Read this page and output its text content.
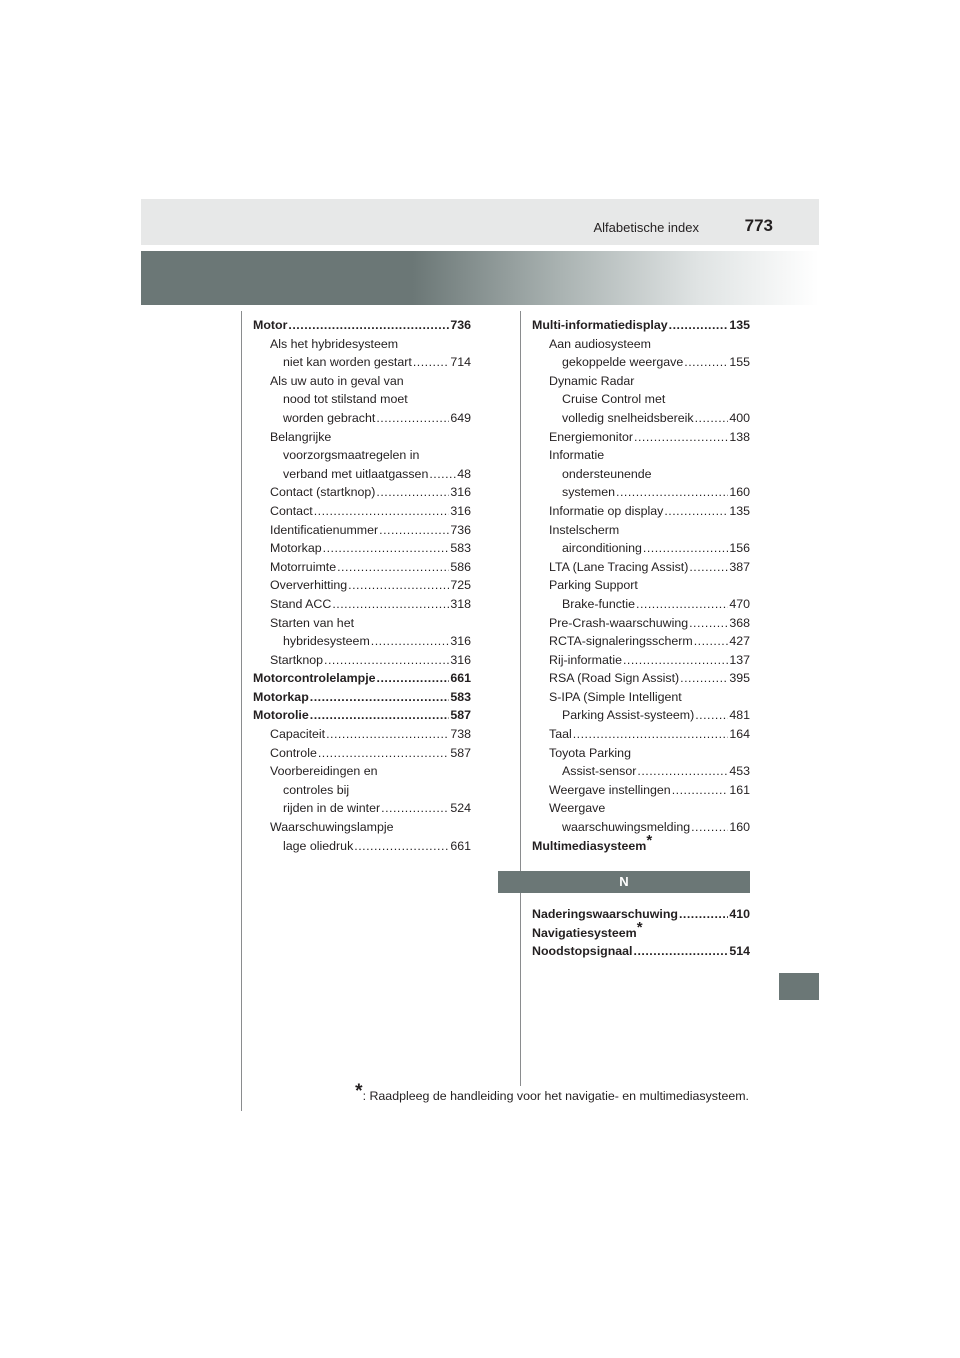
Alfabetische index	773
Motor .....	736
Als het hybridesysteem
niet kan worden gestart .....	714
Als uw auto in geval van
nood tot stilstand moet
worden gebracht .....	649
Belangrijke
voorzorgsmaatregelen in
verband met uitlaatgassen ..... 48
Contact (startknop) .....	316
Contact .....	316
Identificatienummer .....	736
Motorkap .....	583
Motorruimte .....	586
Oververhitting .....	725
Stand ACC .....	318
Starten van het
hybridesysteem .....	316
Startknop .....	316
Motorcontrolelampje .....	661
Motorkap .....	583
Motorolie .....	587
Capaciteit .....	738
Controle .....	587
Voorbereidingen en
controles bij
rijden in de winter .....	524
Waarschuwingslampje
lage oliedruk .....	661
Multi-informatiedisplay .....	135
Aan audiosysteem
gekoppelde weergave .....	155
Dynamic Radar
Cruise Control met
volledig snelheidsbereik .....	400
Energiemonitor .....	138
Informatie
ondersteunende
systemen .....	160
Informatie op display .....	135
Instelscherm
airconditioning .....	156
LTA (Lane Tracing Assist) .....	387
Parking Support
Brake-functie .....	470
Pre-Crash-waarschuwing .....	368
RCTA-signaleringsscherm .....	427
Rij-informatie .....	137
RSA (Road Sign Assist) .....	395
S-IPA (Simple Intelligent
Parking Assist-systeem) .....	481
Taal .....	164
Toyota Parking
Assist-sensor .....	453
Weergave instellingen .....	161
Weergave
waarschuwingsmelding .....	160
Multimediasysteem*
N
Naderingswaarschuwing .....	410
Navigatiesysteem*
Noodstopsignaal .....	514
*: Raadpleeg de handleiding voor het navigatie- en multimediasysteem.
